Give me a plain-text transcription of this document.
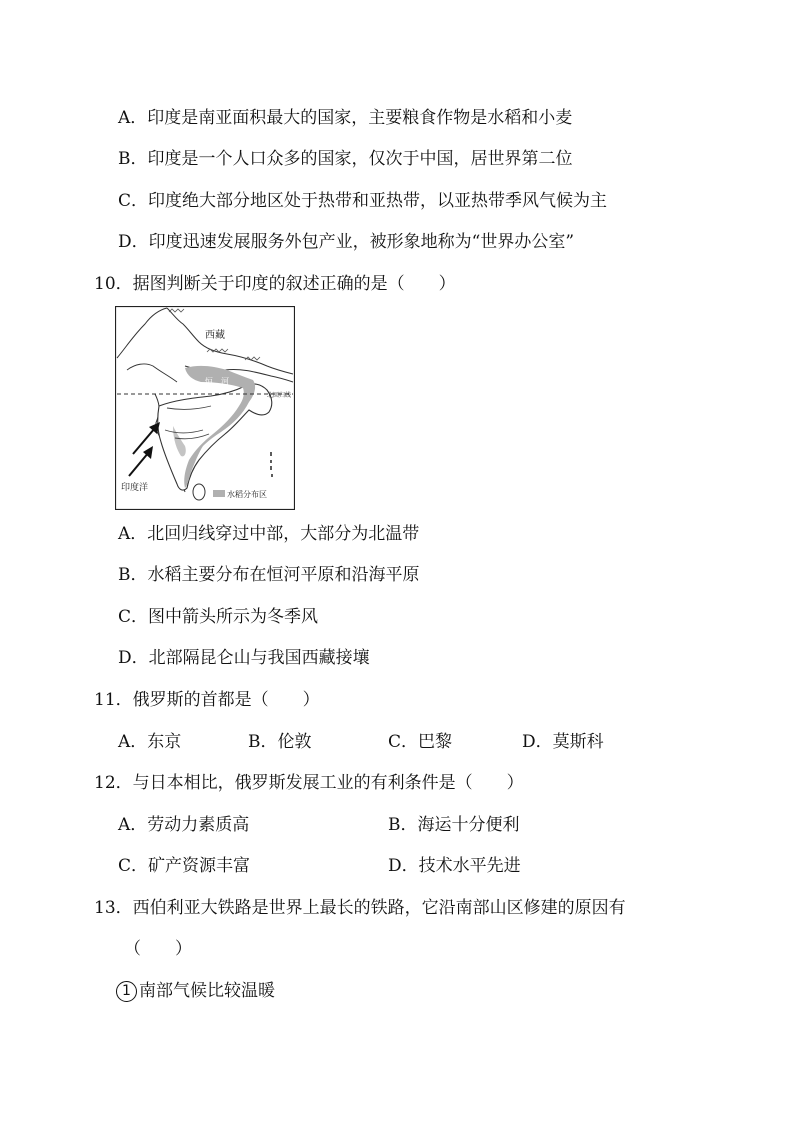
A．印度是南亚面积最大的国家，主要粮食作物是水稻和小麦
B．印度是一个人口众多的国家，仅次于中国，居世界第二位
C．印度绝大部分地区处于热带和亚热带，以亚热带季风气候为主
D．印度迅速发展服务外包产业，被形象地称为“世界办公室”
10．据图判断关于印度的叙述正确的是（　　）
西藏
恒　河
北回归线
印度洋
水稻分布区
A．北回归线穿过中部，大部分为北温带
B．水稻主要分布在恒河平原和沿海平原
C．图中箭头所示为冬季风
D．北部隔昆仑山与我国西藏接壤
11．俄罗斯的首都是（　　）
A．东京	B．伦敦	C．巴黎	D．莫斯科
12．与日本相比，俄罗斯发展工业的有利条件是（　　）
A．劳动力素质高	B．海运十分便利
C．矿产资源丰富	D．技术水平先进
13．西伯利亚大铁路是世界上最长的铁路，它沿南部山区修建的原因有
（　　）
1 南部气候比较温暖
